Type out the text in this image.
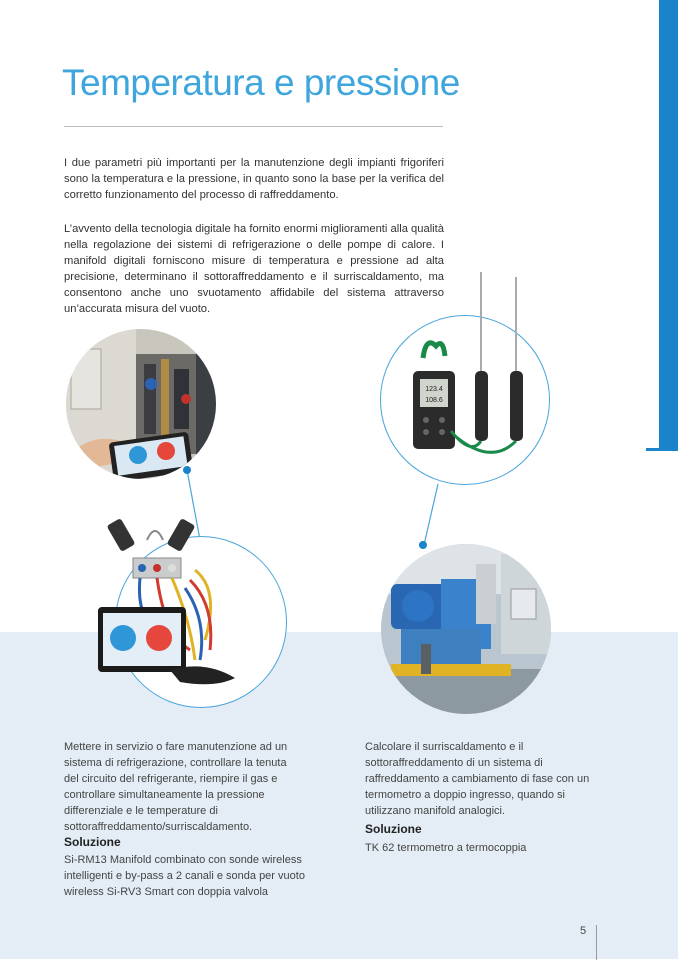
Temperatura e pressione

I due parametri più importanti per la manutenzione degli impianti frigoriferi sono la temperatura e la pressione, in quanto sono la base per la verifica del corretto funzionamento del processo di raffreddamento.

L’avvento della tecnologia digitale ha fornito enormi miglioramenti alla qualità nella regolazione dei sistemi di refrigerazione o delle pompe di calore. I manifold digitali forniscono misure di temperatura e pressione ad alta precisione, determinano il sottoraffreddamento e il surriscaldamento, ma consentono anche uno svuotamento affidabile del sistema attraverso un’accurata misura del vuoto.

123.4
108.6

Mettere in servizio o fare manutenzione ad un sistema di refrigerazione, controllare la tenuta del circuito del refrigerante, riempire il gas e controllare simultaneamente la pressione differenziale e le temperature di sottoraffreddamento/surriscaldamento.

Calcolare il surriscaldamento e il sottoraffreddamento di un sistema di raffreddamento a cambiamento di fase con un termometro a doppio ingresso, quando si utilizzano manifold analogici.

Soluzione

Si-RM13 Manifold combinato con sonde wireless intelligenti e by-pass a 2 canali e sonda per vuoto wireless Si-RV3 Smart con doppia valvola

Soluzione

TK 62 termometro a termocoppia

5
